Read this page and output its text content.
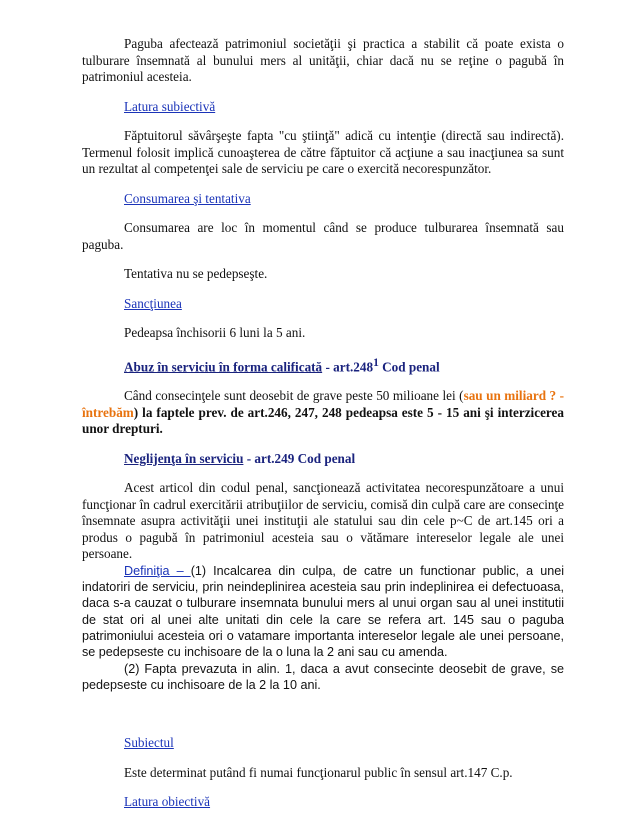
Paguba afectează patrimoniul societăţii şi practica a stabilit că poate exista o tulburare însemnată al bunului mers al unităţii, chiar dacă nu se reţine o pagubă în patrimoniul acesteia.

Latura subiectivă

Făptuitorul săvârşeşte fapta "cu ştiinţă" adică cu intenţie (directă sau indirectă). Termenul folosit implică cunoaşterea de către făptuitor că acţiune a sau inacţiunea sa sunt un rezultat al competenţei sale de serviciu pe care o exercită necorespunzător.

Consumarea şi tentativa

Consumarea are loc în momentul când se produce tulburarea însemnată sau paguba.

Tentativa nu se pedepseşte.

Sancţiunea

Pedeapsa închisorii 6 luni la 5 ani.

Abuz în serviciu în forma calificată - art.248$^1$ Cod penal

Când consecinţele sunt deosebit de grave peste 50 milioane lei (sau un miliard ? - întrebăm) la faptele prev. de art.246, 247, 248 pedeapsa este 5 - 15 ani şi interzicerea unor drepturi.

Neglijenţa în serviciu - art.249 Cod penal

Acest articol din codul penal, sancţionează activitatea necorespunzătoare a unui funcţionar în cadrul exercitării atribuţiilor de serviciu, comisă din culpă care are consecinţe însemnate asupra activităţii unei instituţii ale statului sau din cele p~C de art.145 ori a produs o pagubă în patrimoniul acesteia sau o vătămare intereselor legale ale unei persoane.

Definiţia – (1) Incalcarea din culpa, de catre un functionar public, a unei indatoriri de serviciu, prin neindeplinirea acesteia sau prin indeplinirea ei defectuoasa, daca s-a cauzat o tulburare insemnata bunului mers al unui organ sau al unei institutii de stat ori al unei alte unitati din cele la care se refera art. 145 sau o paguba patrimoniului acesteia ori o vatamare importanta intereselor legale ale unei persoane, se pedepseste cu inchisoare de la o luna la 2 ani sau cu amenda.

(2) Fapta prevazuta in alin. 1, daca a avut consecinte deosebit de grave, se pedepseste cu inchisoare de la 2 la 10 ani.

Subiectul

Este determinat putând fi numai funcţionarul public în sensul art.147 C.p.

Latura obiectivă
